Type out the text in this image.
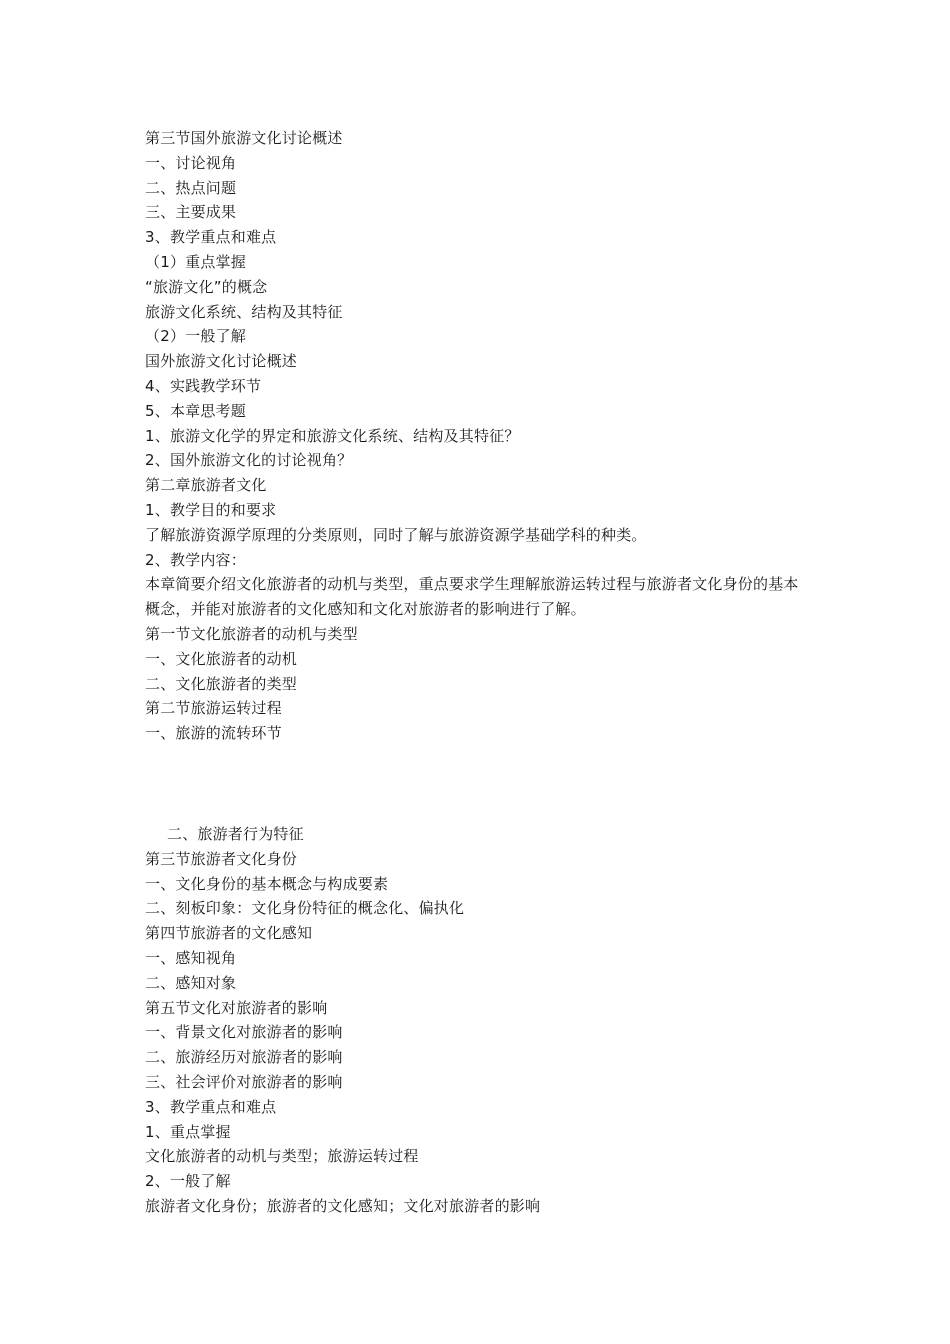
第三节国外旅游文化讨论概述
一、讨论视角
二、热点问题
三、主要成果
3、教学重点和难点
（1）重点掌握
“旅游文化”的概念
旅游文化系统、结构及其特征
（2）一般了解
国外旅游文化讨论概述
4、实践教学环节
5、本章思考题
1、旅游文化学的界定和旅游文化系统、结构及其特征？
2、国外旅游文化的讨论视角？
第二章旅游者文化
1、教学目的和要求
了解旅游资源学原理的分类原则，同时了解与旅游资源学基础学科的种类。
2、教学内容：
本章简要介绍文化旅游者的动机与类型，重点要求学生理解旅游运转过程与旅游者文化身份的基本概念，并能对旅游者的文化感知和文化对旅游者的影响进行了解。
第一节文化旅游者的动机与类型
一、文化旅游者的动机
二、文化旅游者的类型
第二节旅游运转过程
一、旅游的流转环节
二、旅游者行为特征
第三节旅游者文化身份
一、文化身份的基本概念与构成要素
二、刻板印象：文化身份特征的概念化、偏执化
第四节旅游者的文化感知
一、感知视角
二、感知对象
第五节文化对旅游者的影响
一、背景文化对旅游者的影响
二、旅游经历对旅游者的影响
三、社会评价对旅游者的影响
3、教学重点和难点
1、重点掌握
文化旅游者的动机与类型；旅游运转过程
2、一般了解
旅游者文化身份；旅游者的文化感知；文化对旅游者的影响
